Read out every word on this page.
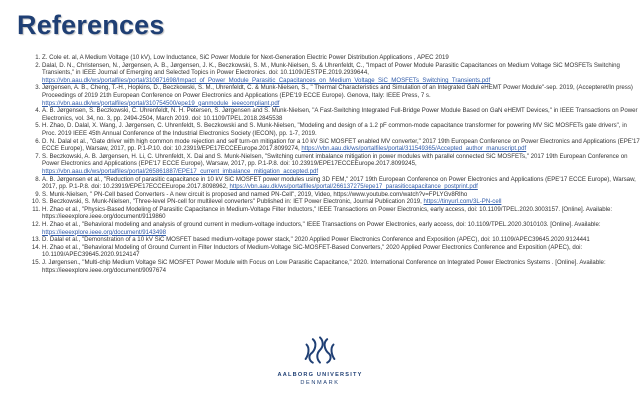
References
1. Z. Cole et. al, A Medium Voltage (10 kV), Low Inductance, SiC Power Module for Next-Generation Electric Power Distribution Applications , APEC 2019
2. Dalal, D. N., Christensen, N., Jørgensen, A. B., Jørgensen, J. K., Beczkowski, S. M., Munk-Nielsen, S. & Uhrenfeldt, C., "Impact of Power Module Parasitic Capacitances on Medium Voltage SiC MOSFETs Switching Transients," in IEEE Journal of Emerging and Selected Topics in Power Electronics. doi: 10.1109/JESTPE.2019.2939644, https://vbn.aau.dk/ws/portalfiles/portal/310871698/Impact_of_Power_Module_Parasitic_Capacitances_on_Medium_Voltage_SiC_MOSFETs_Switching_Transients.pdf
3. Jørgensen, A. B., Cheng, T.-H., Hopkins, D., Beczkowski, S. M., Uhrenfeldt, C. & Munk-Nielsen, S., " Thermal Characteristics and Simulation of an Integrated GaN eHEMT Power Module"-sep. 2019, (Accepteret/In press) Proceedings of 2019 21th European Conference on Power Electronics and Applications (EPE'19 ECCE Europe). Genova, Italy: IEEE Press, 7 s. https://vbn.aau.dk/ws/portalfiles/portal/310754500/epe19_ganmodule_ieeecompliant.pdf
4. A. B. Jørgensen, S. Beczkowski, C. Uhrenfeldt, N. H. Petersen, S. Jørgensen and S. Munk-Nielsen, "A Fast-Switching Integrated Full-Bridge Power Module Based on GaN eHEMT Devices," in IEEE Transactions on Power Electronics, vol. 34, no. 3, pp. 2494-2504, March 2019. doi: 10.1109/TPEL.2018.2845538
5. H. Zhao, D. Dalal, X. Wang, J. Jørgensen, C. Uhrenfeldt, S. Beczkowski and S. Munk-Nielsen, "Modeling and design of a 1.2 pF common-mode capacitance transformer for powering MV SiC MOSFETs gate drivers", in Proc. 2019 IEEE 45th Annual Conference of the Industrial Electronics Society (IECON), pp. 1-7, 2019.
6. D. N. Dalal et al., "Gate driver with high common mode rejection and self turn-on mitigation for a 10 kV SiC MOSFET enabled MV converter," 2017 19th European Conference on Power Electronics and Applications (EPE'17 ECCE Europe), Warsaw, 2017, pp. P.1-P.10. doi: 10.23919/EPE17ECCEEurope.2017.8099274, https://vbn.aau.dk/ws/portalfiles/portal/311549365/Accepted_author_manuscript.pdf
7. S. Beczkowski, A. B. Jørgensen, H. Li, C. Uhrenfeldt, X. Dai and S. Munk-Nielsen, "Switching current imbalance mitigation in power modules with parallel connected SiC MOSFETs," 2017 19th European Conference on Power Electronics and Applications (EPE'17 ECCE Europe), Warsaw, 2017, pp. P.1-P.8. doi: 10.23919/EPE17ECCEEurope.2017.8099245, https://vbn.aau.dk/ws/portalfiles/portal/265861887/EPE17_current_imbalance_mitigation_accepted.pdf
8. A. B. Jørgensen et al., "Reduction of parasitic capacitance in 10 kV SiC MOSFET power modules using 3D FEM," 2017 19th European Conference on Power Electronics and Applications (EPE'17 ECCE Europe), Warsaw, 2017, pp. P.1-P.8. doi: 10.23919/EPE17ECCEEurope.2017.8098962, https://vbn.aau.dk/ws/portalfiles/portal/266137275/epe17_parasiticcapacitance_postprint.pdf
9. S. Munk-Nielsen, " PN-Cell based Converters - A new circuit is proposed and named PN-Cell", 2019, Video, https://www.youtube.com/watch?v=FPLYGv8Rlho
10. S. Beczkowski, S. Munk-Nielsen, "Three-level PN-cell for multilevel converters" Published in: IET Power Electronic, Journal Publication 2019, https://tinyurl.com/3L-PN-cell
11. H. Zhao et al., "Physics-Based Modeling of Parasitic Capacitance in Medium-Voltage Filter Inductors," IEEE Transactions on Power Electronics, early access, doi: 10.1109/TPEL.2020.3003157. [Online]. Available: https://ieeexplore.ieee.org/document/9119860
12. H. Zhao et al., "Behavioral modeling and analysis of ground current in medium-voltage inductors," IEEE Transactions on Power Electronics, early access, doi: 10.1109/TPEL.2020.3010103. [Online]. Available: https://ieeexplore.ieee.org/document/9143498
13. D. Dalal et al., "Demonstration of a 10 kV SiC MOSFET based medium-voltage power stack," 2020 Applied Power Electronics Conference and Exposition (APEC), doi: 10.1109/APEC39645.2020.9124441
14. H. Zhao et al., "Behavioral Modeling of Ground Current in Filter Inductors of Medium-Voltage SiC-MOSFET-Based Converters," 2020 Applied Power Electronics Conference and Exposition (APEC), doi: 10.1109/APEC39645.2020.9124147
15. J. Jørgensen., "Multi-chip Medium Voltage SiC MOSFET Power Module with Focus on Low Parasitic Capacitance," 2020. International Conference on Integrated Power Electronics Systems . [Online]. Available: https://ieeexplore.ieee.org/document/9097674
AALBORG UNIVERSITY
DENMARK
